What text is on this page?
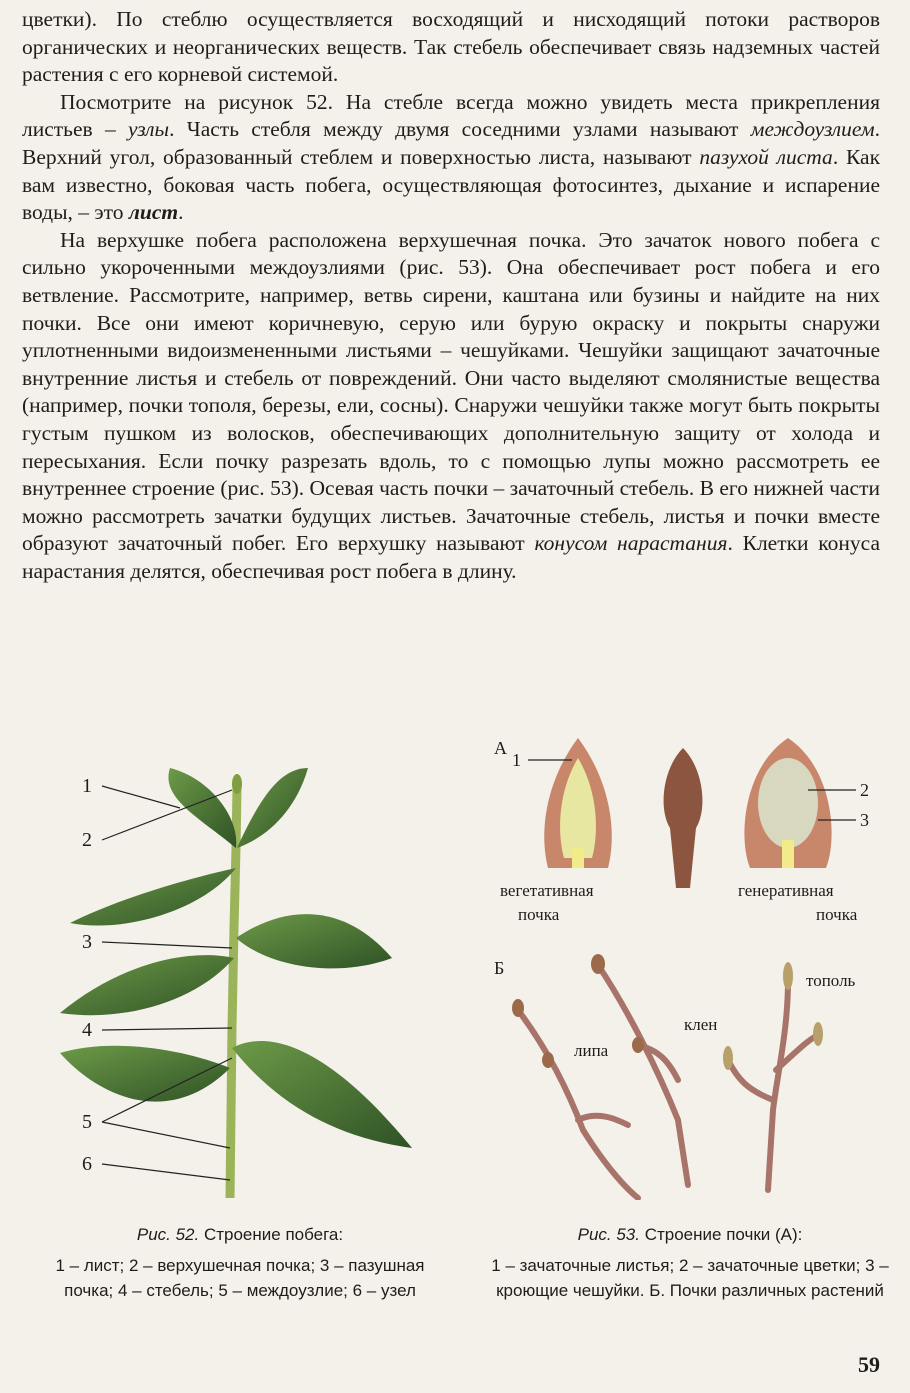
цветки). По стеблю осуществляется восходящий и нисходящий потоки растворов органических и неорганических веществ. Так стебель обеспечивает связь надземных частей растения с его корневой системой.

Посмотрите на рисунок 52. На стебле всегда можно увидеть места прикрепления листьев – узлы. Часть стебля между двумя соседними узлами называют междоузлием. Верхний угол, образованный стеблем и поверхностью листа, называют пазухой листа. Как вам известно, боковая часть побега, осуществляющая фотосинтез, дыхание и испарение воды, – это лист.

На верхушке побега расположена верхушечная почка. Это зачаток нового побега с сильно укороченными междоузлиями (рис. 53). Она обеспечивает рост побега и его ветвление. Рассмотрите, например, ветвь сирени, каштана или бузины и найдите на них почки. Все они имеют коричневую, серую или бурую окраску и покрыты снаружи уплотненными видоизмененными листьями – чешуйками. Чешуйки защищают зачаточные внутренние листья и стебель от повреждений. Они часто выделяют смолянистые вещества (например, почки тополя, березы, ели, сосны). Снаружи чешуйки также могут быть покрыты густым пушком из волосков, обеспечивающих дополнительную защиту от холода и пересыхания. Если почку разрезать вдоль, то с помощью лупы можно рассмотреть ее внутреннее строение (рис. 53). Осевая часть почки – зачаточный стебель. В его нижней части можно рассмотреть зачатки будущих листьев. Зачаточные стебель, листья и почки вместе образуют зачаточный побег. Его верхушку называют конусом нарастания. Клетки конуса нарастания делятся, обеспечивая рост побега в длину.

1
2
3
4
5
6
А
1
2
3
вегетативная
почка
генеративная
почка
Б
липа
клен
тополь
Рис. 52. Строение побега:
1 – лист; 2 – верхушечная почка; 3 – пазушная почка; 4 – стебель; 5 – междоузлие; 6 – узел
Рис. 53. Строение почки (А):
1 – зачаточные листья; 2 – зачаточные цветки; 3 – кроющие чешуйки. Б. Почки различных растений
59
